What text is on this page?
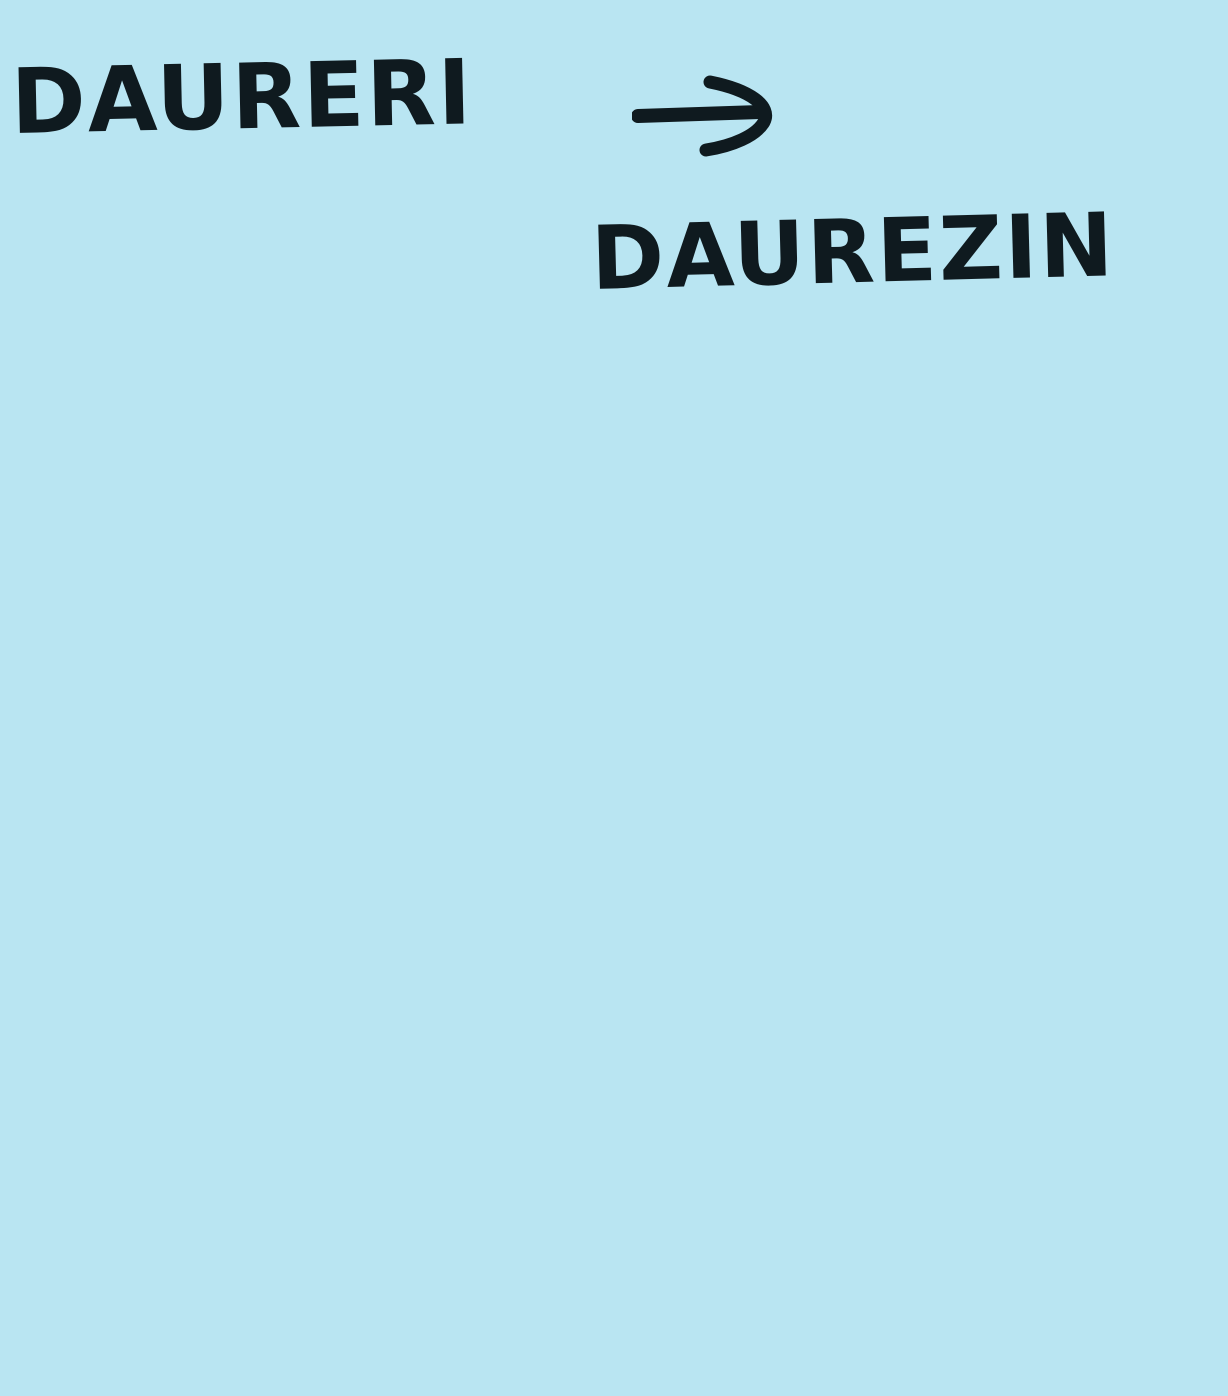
DAURERI

DAUREZIN
